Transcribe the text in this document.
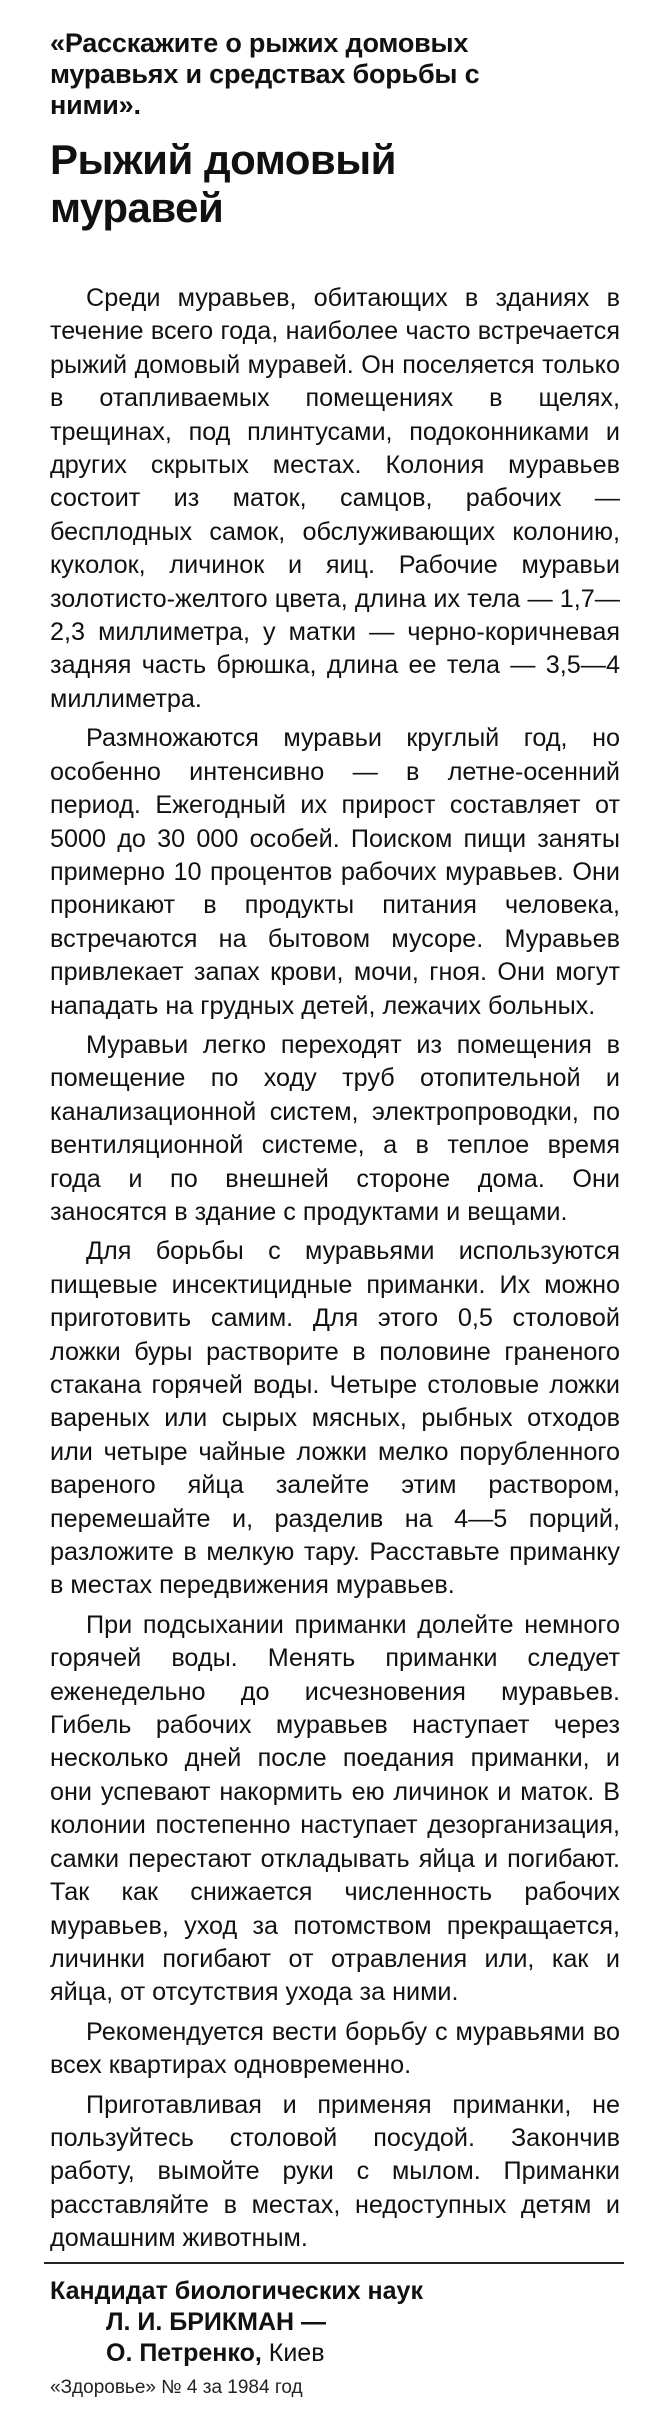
«Расскажите о рыжих домовых муравьях и средствах борьбы с ними».
Рыжий домовый муравей

Среди муравьев, обитающих в зданиях в течение всего года, наиболее часто встречается рыжий домовый муравей. Он поселяется только в отапливаемых помещениях в щелях, трещинах, под плинтусами, подоконниками и других скрытых местах. Колония муравьев состоит из маток, самцов, рабочих — бесплодных самок, обслуживающих колонию, куколок, личинок и яиц. Рабочие муравьи золотисто-желтого цвета, длина их тела — 1,7—2,3 миллиметра, у матки — черно-коричневая задняя часть брюшка, длина ее тела — 3,5—4 миллиметра.

Размножаются муравьи круглый год, но особенно интенсивно — в летне-осенний период. Ежегодный их прирост составляет от 5000 до 30 000 особей. Поиском пищи заняты примерно 10 процентов рабочих муравьев. Они проникают в продукты питания человека, встречаются на бытовом мусоре. Муравьев привлекает запах крови, мочи, гноя. Они могут нападать на грудных детей, лежачих больных.

Муравьи легко переходят из помещения в помещение по ходу труб отопительной и канализационной систем, электропроводки, по вентиляционной системе, а в теплое время года и по внешней стороне дома. Они заносятся в здание с продуктами и вещами.

Для борьбы с муравьями используются пищевые инсектицидные приманки. Их можно приготовить самим. Для этого 0,5 столовой ложки буры растворите в половине граненого стакана горячей воды. Четыре столовые ложки вареных или сырых мясных, рыбных отходов или четыре чайные ложки мелко порубленного вареного яйца залейте этим раствором, перемешайте и, разделив на 4—5 порций, разложите в мелкую тару. Расставьте приманку в местах передвижения муравьев.

При подсыхании приманки долейте немного горячей воды. Менять приманки следует еженедельно до исчезновения муравьев. Гибель рабочих муравьев наступает через несколько дней после поедания приманки, и они успевают накормить ею личинок и маток. В колонии постепенно наступает дезорганизация, самки перестают откладывать яйца и погибают. Так как снижается численность рабочих муравьев, уход за потомством прекращается, личинки погибают от отравления или, как и яйца, от отсутствия ухода за ними.

Рекомендуется вести борьбу с муравьями во всех квартирах одновременно.

Приготавливая и применяя приманки, не пользуйтесь столовой посудой. Закончив работу, вымойте руки с мылом. Приманки расставляйте в местах, недоступных детям и домашним животным.

Кандидат биологических наук
Л. И. БРИКМАН —
О. Петренко, Киев
«Здоровье» № 4 за 1984 год
